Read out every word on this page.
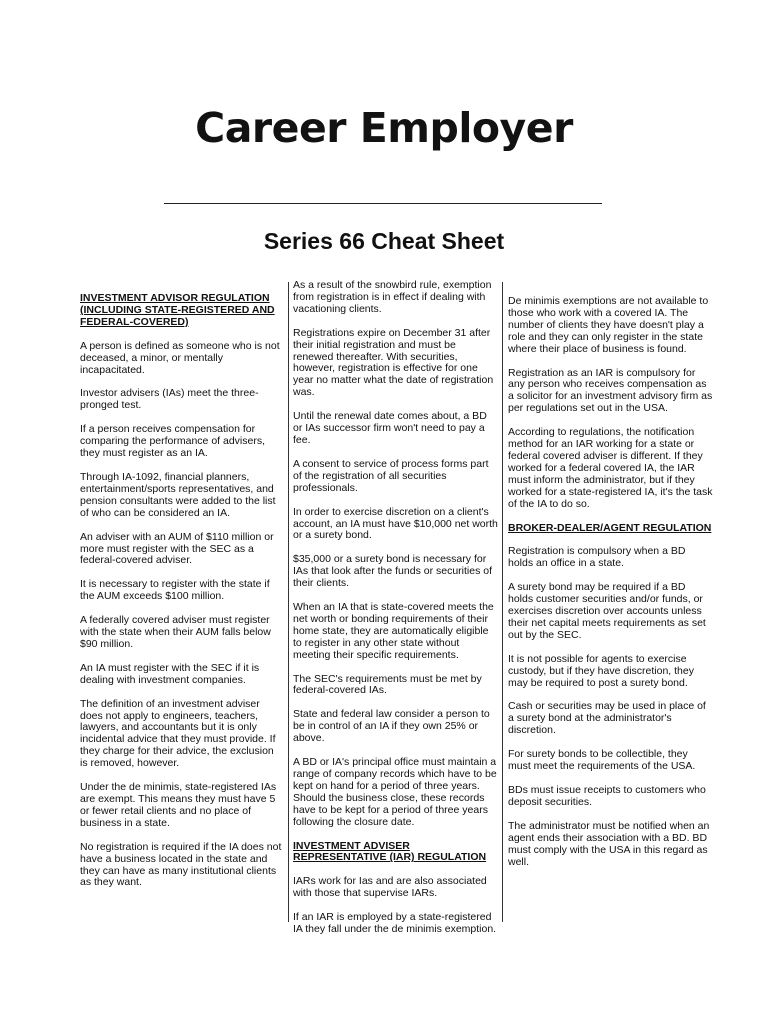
Career Employer
Series 66 Cheat Sheet
INVESTMENT ADVISOR REGULATION (INCLUDING STATE-REGISTERED AND FEDERAL-COVERED)

A person is defined as someone who is not deceased, a minor, or mentally incapacitated.

Investor advisers (IAs) meet the three-pronged test.

If a person receives compensation for comparing the performance of advisers, they must register as an IA.

Through IA-1092, financial planners, entertainment/sports representatives, and pension consultants were added to the list of who can be considered an IA.

An adviser with an AUM of $110 million or more must register with the SEC as a federal-covered adviser.

It is necessary to register with the state if the AUM exceeds $100 million.

A federally covered adviser must register with the state when their AUM falls below $90 million.

An IA must register with the SEC if it is dealing with investment companies.

The definition of an investment adviser does not apply to engineers, teachers, lawyers, and accountants but it is only incidental advice that they must provide. If they charge for their advice, the exclusion is removed, however.

Under the de minimis, state-registered IAs are exempt. This means they must have 5 or fewer retail clients and no place of business in a state.

No registration is required if the IA does not have a business located in the state and they can have as many institutional clients as they want.

As a result of the snowbird rule, exemption from registration is in effect if dealing with vacationing clients.

Registrations expire on December 31 after their initial registration and must be renewed thereafter. With securities, however, registration is effective for one year no matter what the date of registration was.

Until the renewal date comes about, a BD or IAs successor firm won't need to pay a fee.

A consent to service of process forms part of the registration of all securities professionals.

In order to exercise discretion on a client's account, an IA must have $10,000 net worth or a surety bond.

$35,000 or a surety bond is necessary for IAs that look after the funds or securities of their clients.

When an IA that is state-covered meets the net worth or bonding requirements of their home state, they are automatically eligible to register in any other state without meeting their specific requirements.

The SEC's requirements must be met by federal-covered IAs.

State and federal law consider a person to be in control of an IA if they own 25% or above.

A BD or IA's principal office must maintain a range of company records which have to be kept on hand for a period of three years. Should the business close, these records have to be kept for a period of three years following the closure date.

INVESTMENT ADVISER REPRESENTATIVE (IAR) REGULATION

IARs work for Ias and are also associated with those that supervise IARs.

If an IAR is employed by a state-registered IA they fall under the de minimis exemption.

De minimis exemptions are not available to those who work with a covered IA. The number of clients they have doesn't play a role and they can only register in the state where their place of business is found.

Registration as an IAR is compulsory for any person who receives compensation as a solicitor for an investment advisory firm as per regulations set out in the USA.

According to regulations, the notification method for an IAR working for a state or federal covered adviser is different. If they worked for a federal covered IA, the IAR must inform the administrator, but if they worked for a state-registered IA, it's the task of the IA to do so.

BROKER-DEALER/AGENT REGULATION

Registration is compulsory when a BD holds an office in a state.

A surety bond may be required if a BD holds customer securities and/or funds, or exercises discretion over accounts unless their net capital meets requirements as set out by the SEC.

It is not possible for agents to exercise custody, but if they have discretion, they may be required to post a surety bond.

Cash or securities may be used in place of a surety bond at the administrator's discretion.

For surety bonds to be collectible, they must meet the requirements of the USA.

BDs must issue receipts to customers who deposit securities.

The administrator must be notified when an agent ends their association with a BD. BD must comply with the USA in this regard as well.
